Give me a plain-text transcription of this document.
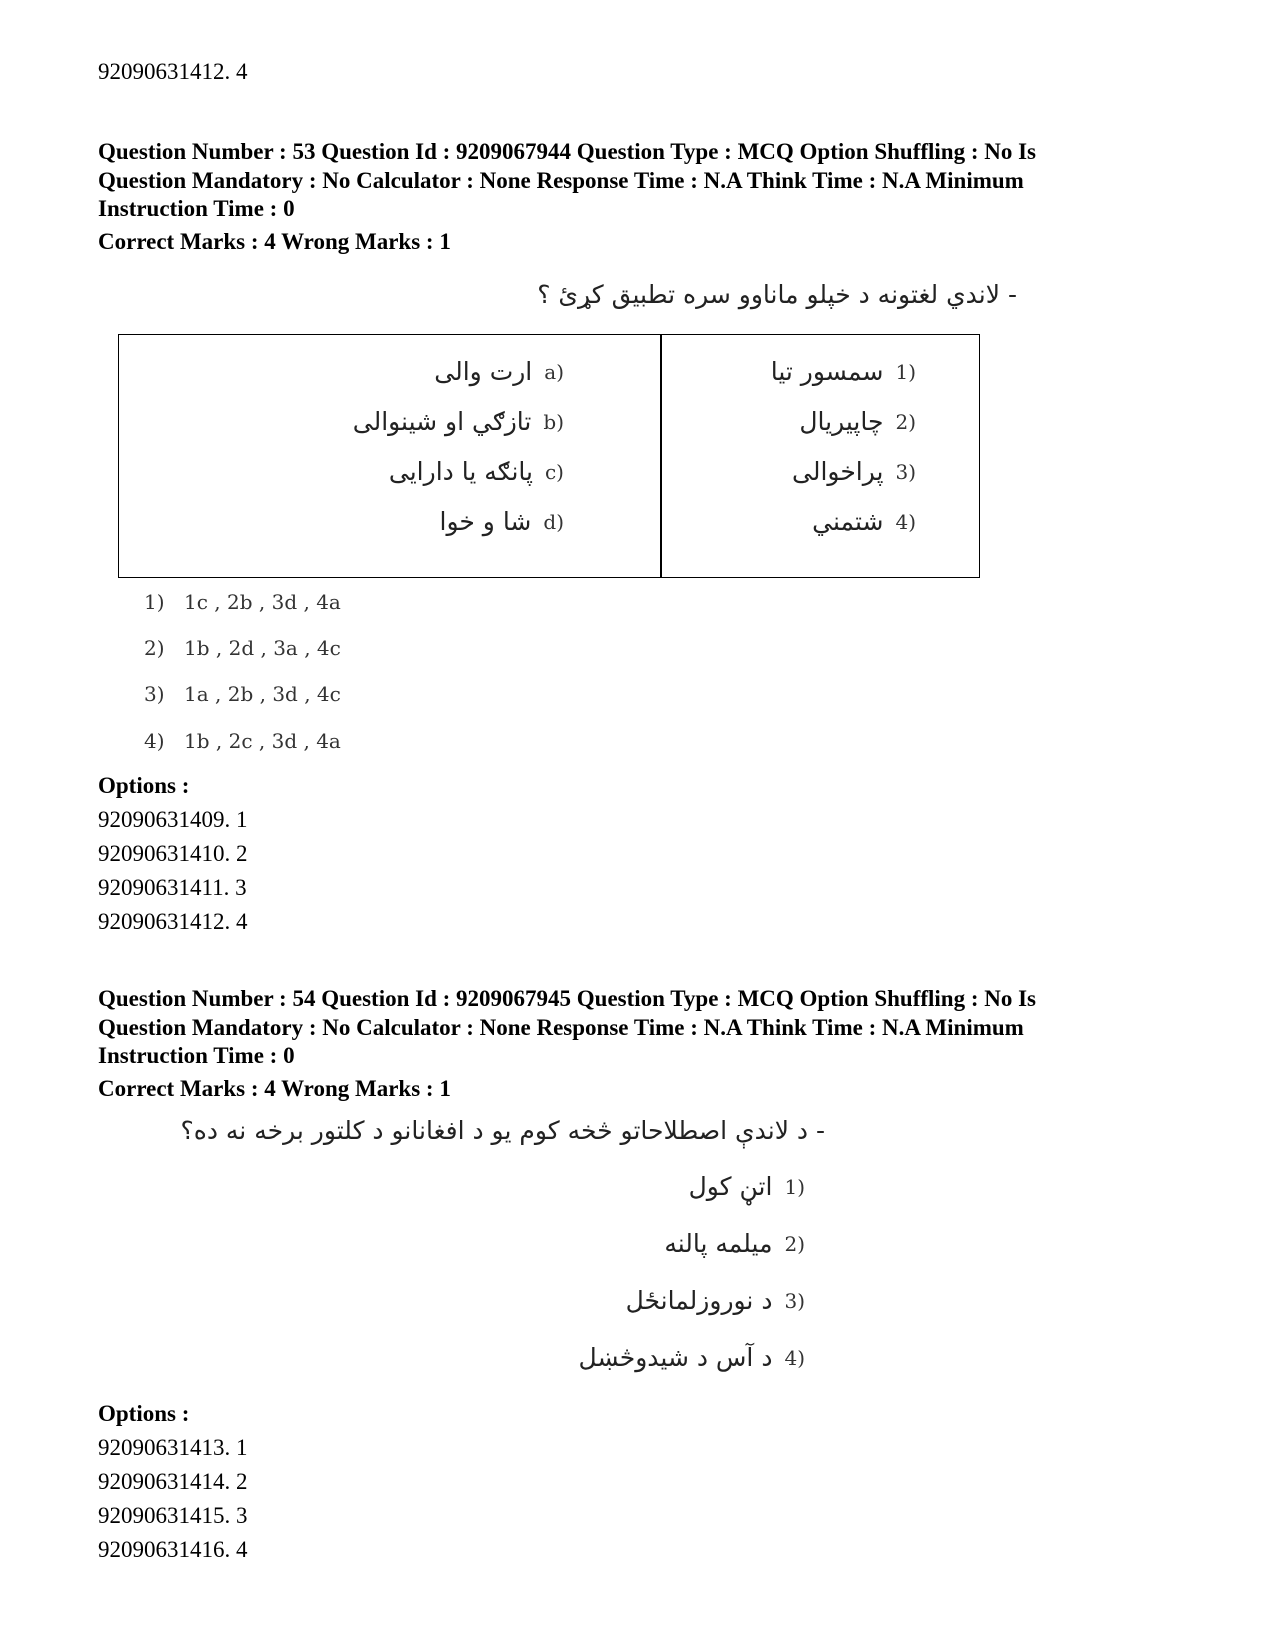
92090631412. 4
Question Number : 53 Question Id : 9209067944 Question Type : MCQ Option Shuffling : No Is
Question Mandatory : No Calculator : None Response Time : N.A Think Time : N.A Minimum
Instruction Time : 0
Correct Marks : 4 Wrong Marks : 1
- لاندي لغتونه د خپلو ماناوو سره تطبیق کړئ ؟
ارت والی a)
تازګي او شینوالی b)
پانګه یا دارایی c)
شا و خوا d)
سمسور تیا 1)
چاپیریال 2)
پراخوالی 3)
شتمني 4)
1) 1c , 2b , 3d , 4a
2) 1b , 2d , 3a , 4c
3) 1a , 2b , 3d , 4c
4) 1b , 2c , 3d , 4a
Options :
92090631409. 1
92090631410. 2
92090631411. 3
92090631412. 4
Question Number : 54 Question Id : 9209067945 Question Type : MCQ Option Shuffling : No Is
Question Mandatory : No Calculator : None Response Time : N.A Think Time : N.A Minimum
Instruction Time : 0
Correct Marks : 4 Wrong Marks : 1
- د لاندې اصطلاحاتو څخه کوم یو د افغانانو د کلتور برخه نه ده؟
اتڼ کول 1)
میلمه پالنه 2)
د نوروزلمانځل 3)
د آس د شیدوڅښل 4)
Options :
92090631413. 1
92090631414. 2
92090631415. 3
92090631416. 4
